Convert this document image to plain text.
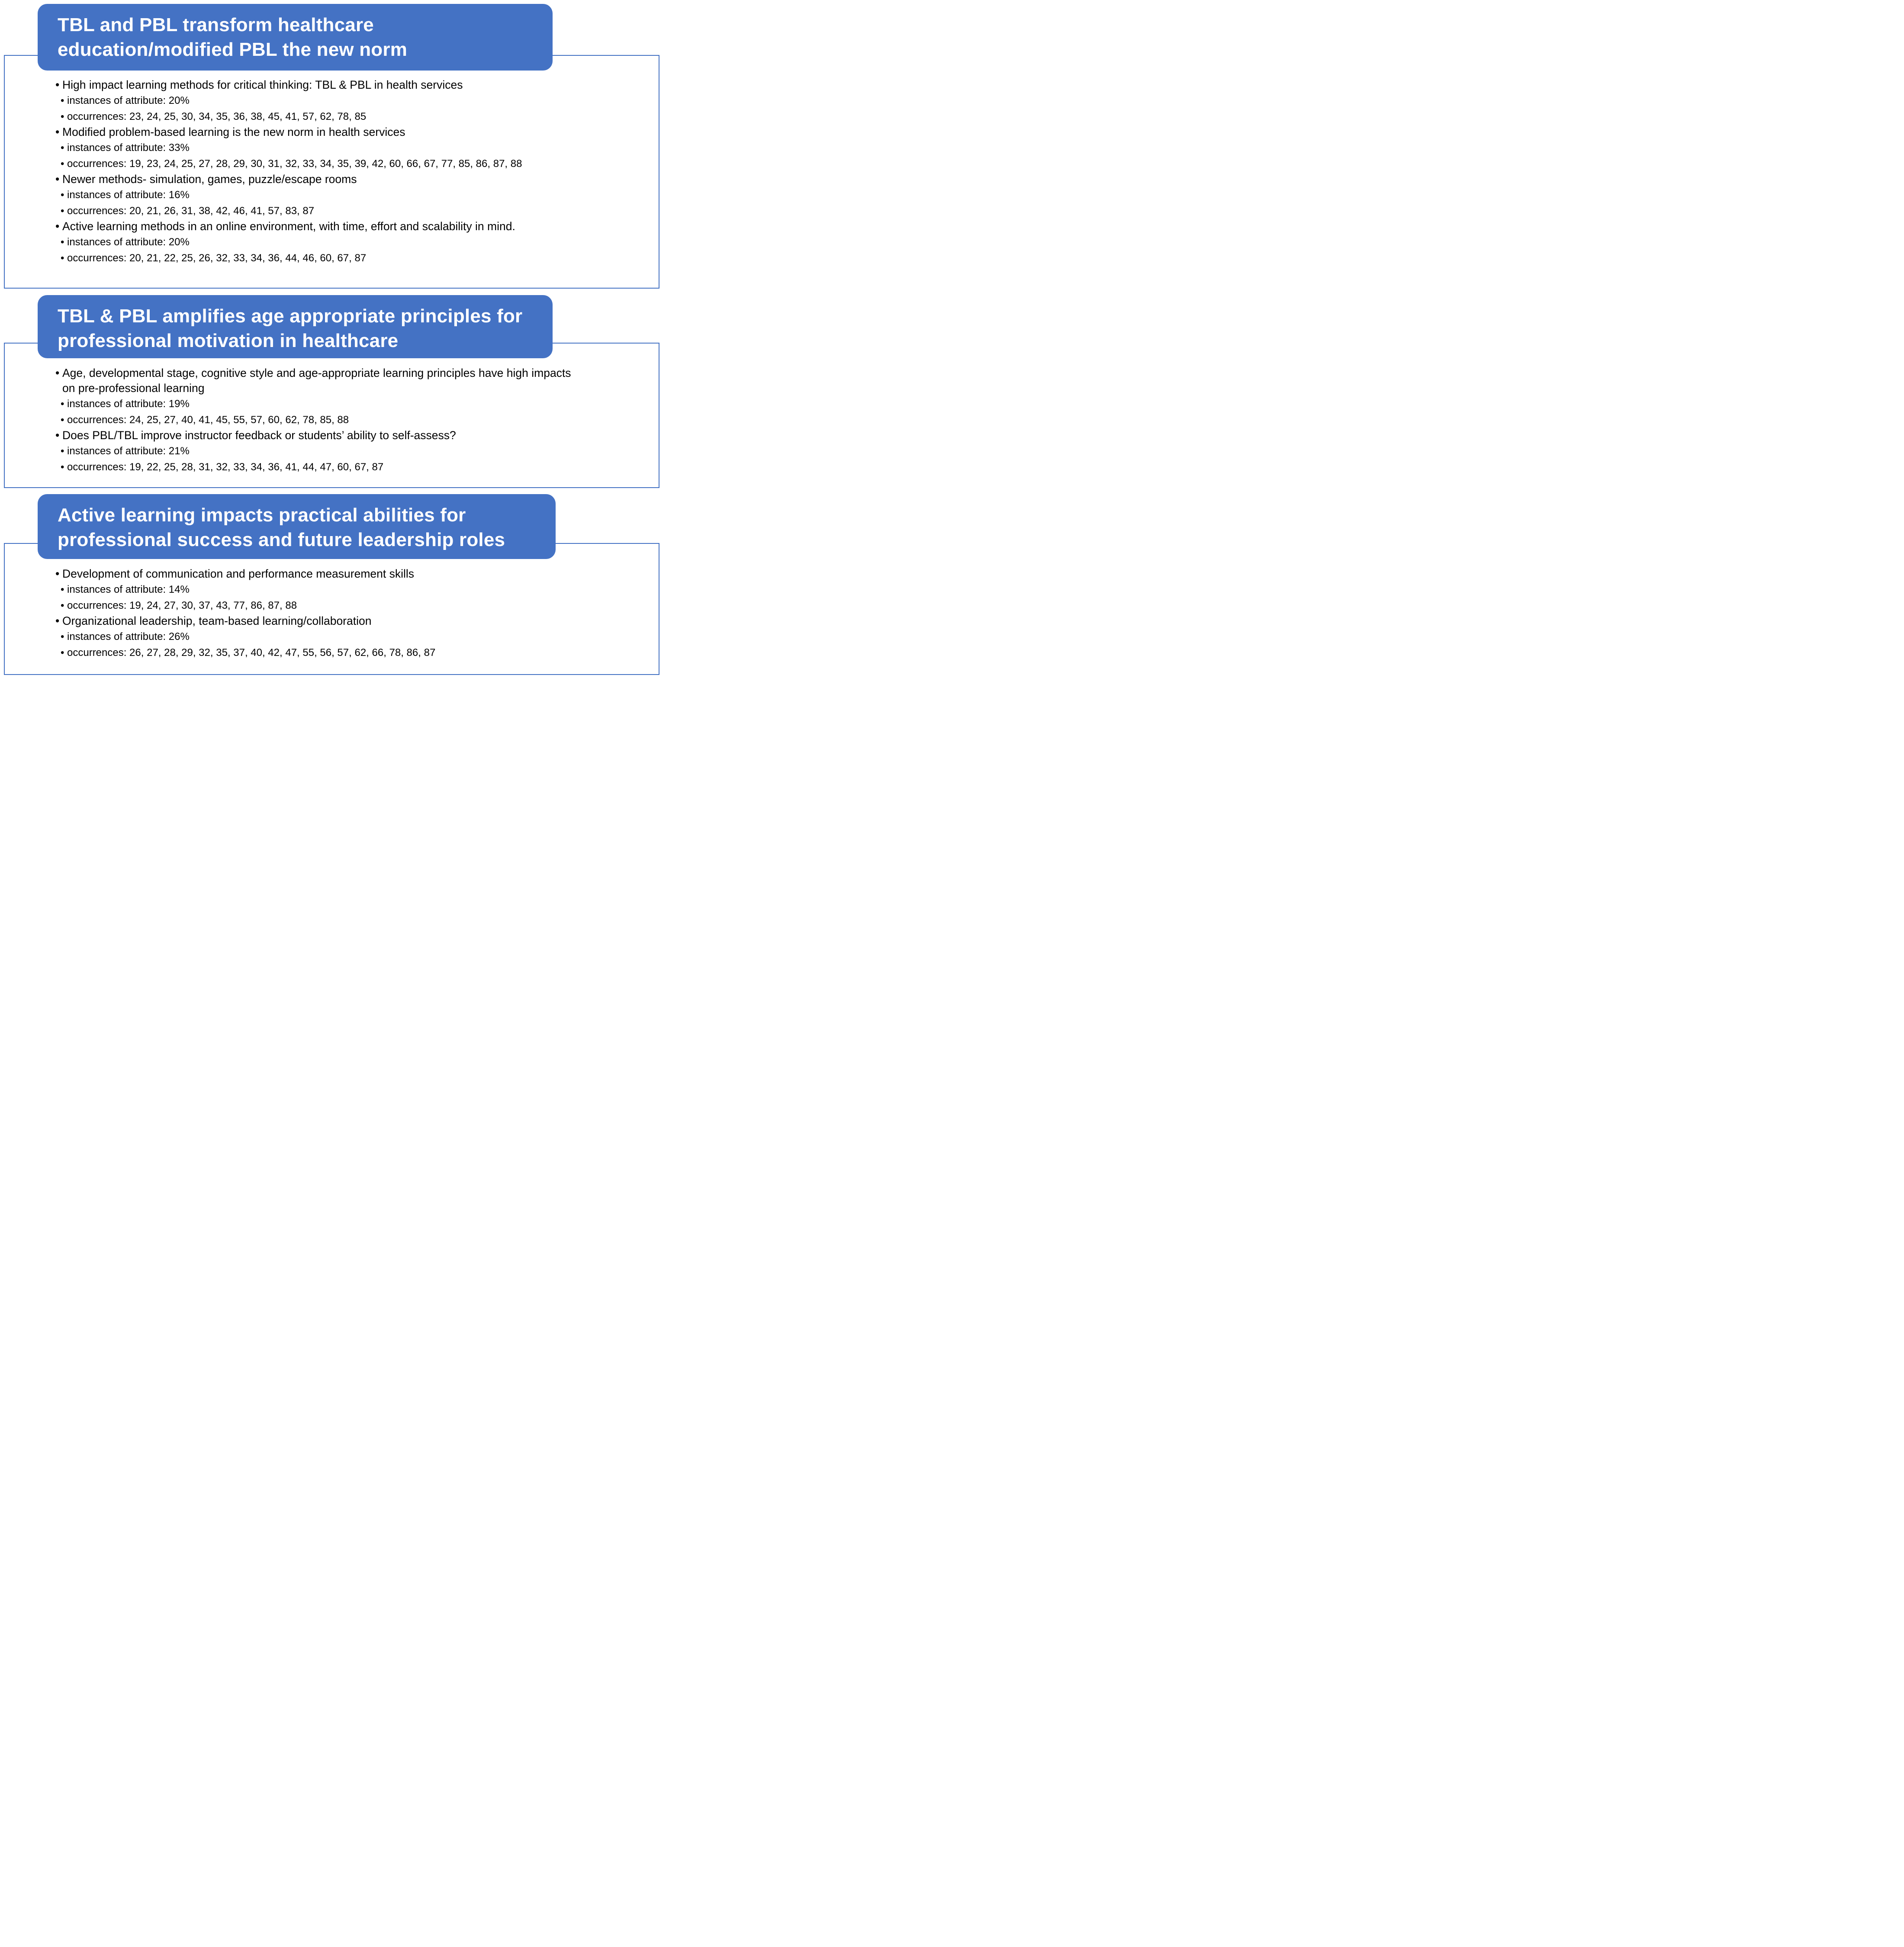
TBL and PBL transform healthcare
education/modified PBL the new norm
• High impact learning methods for critical thinking: TBL & PBL in health services
• instances of attribute: 20%
• occurrences: 23, 24, 25, 30, 34, 35, 36, 38, 45, 41, 57, 62, 78, 85
• Modified problem-based learning is the new norm in health services
• instances of attribute: 33%
• occurrences: 19, 23, 24, 25, 27, 28, 29, 30, 31, 32, 33, 34, 35, 39, 42, 60, 66, 67, 77, 85, 86, 87, 88
• Newer methods- simulation, games, puzzle/escape rooms
• instances of attribute: 16%
• occurrences: 20, 21, 26, 31, 38, 42, 46, 41, 57, 83, 87
• Active learning methods in an online environment, with time, effort and scalability in mind.
• instances of attribute: 20%
• occurrences: 20, 21, 22, 25, 26, 32, 33, 34, 36, 44, 46, 60, 67, 87
TBL & PBL amplifies age appropriate principles for
professional motivation in healthcare
• Age, developmental stage, cognitive style and age-appropriate learning principles have high impacts on pre-professional learning
• instances of attribute: 19%
• occurrences: 24, 25, 27, 40, 41, 45, 55, 57, 60, 62, 78, 85, 88
• Does PBL/TBL improve instructor feedback or students’ ability to self-assess?
• instances of attribute: 21%
• occurrences: 19, 22, 25, 28, 31, 32, 33, 34, 36, 41, 44, 47, 60, 67, 87
Active learning impacts practical abilities for
professional success and future leadership roles
• Development of communication and performance measurement skills
• instances of attribute: 14%
• occurrences: 19, 24, 27, 30, 37, 43, 77, 86, 87, 88
• Organizational leadership, team-based learning/collaboration
• instances of attribute: 26%
• occurrences: 26, 27, 28, 29, 32, 35, 37, 40, 42, 47, 55, 56, 57, 62, 66, 78, 86, 87
